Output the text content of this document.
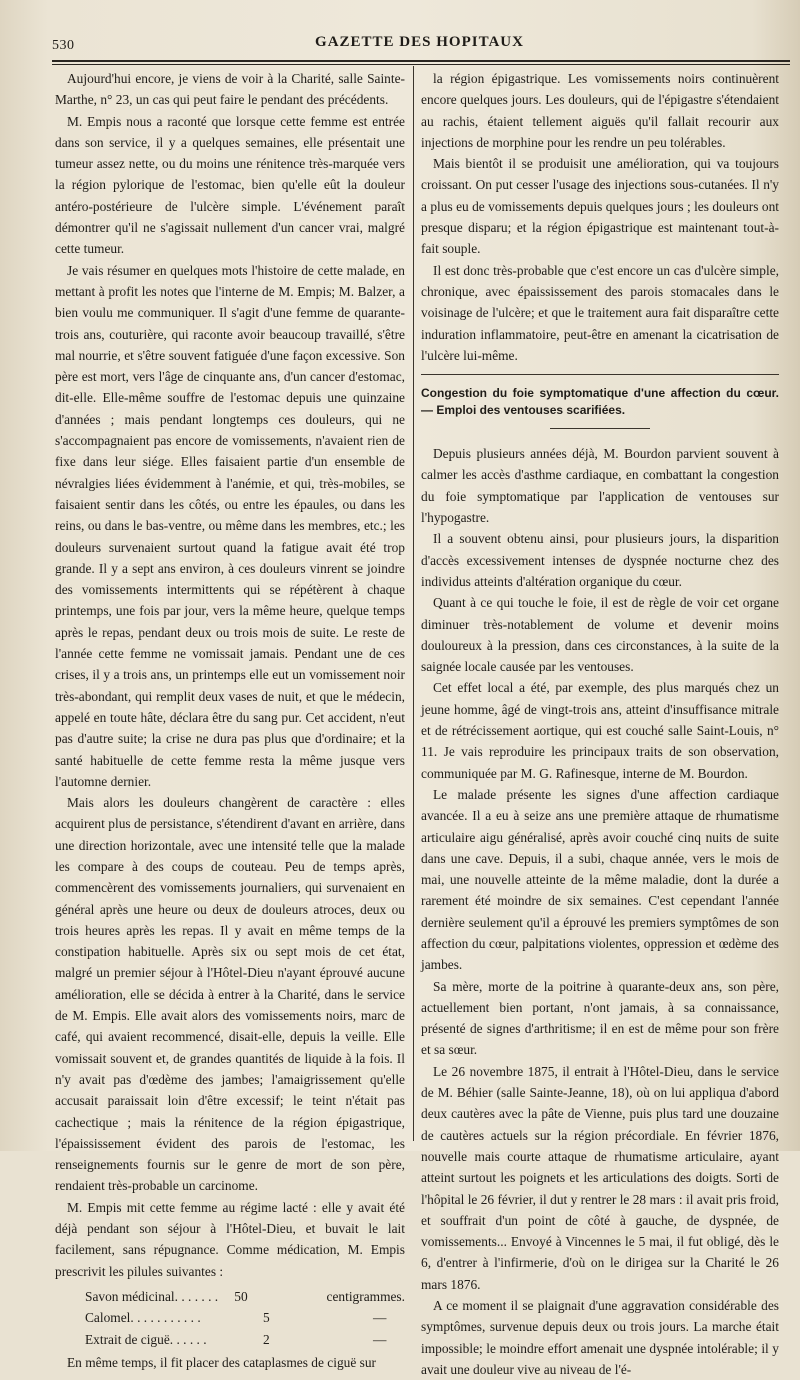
530	GAZETTE DES HOPITAUX

Aujourd'hui encore, je viens de voir à la Charité, salle Sainte-Marthe, n° 23, un cas qui peut faire le pendant des précédents.

M. Empis nous a raconté que lorsque cette femme est entrée dans son service, il y a quelques semaines, elle présentait une tumeur assez nette, ou du moins une rénitence très-marquée vers la région pylorique de l'estomac, bien qu'elle eût la douleur antéro-postérieure de l'ulcère simple. L'événement paraît démontrer qu'il ne s'agissait nullement d'un cancer vrai, malgré cette tumeur.

Je vais résumer en quelques mots l'histoire de cette malade, en mettant à profit les notes que l'interne de M. Empis; M. Balzer, a bien voulu me communiquer. Il s'agit d'une femme de quarante-trois ans, couturière, qui raconte avoir beaucoup travaillé, s'être mal nourrie, et s'être souvent fatiguée d'une façon excessive. Son père est mort, vers l'âge de cinquante ans, d'un cancer d'estomac, dit-elle. Elle-même souffre de l'estomac depuis une quinzaine d'années ; mais pendant longtemps ces douleurs, qui ne s'accompagnaient pas encore de vomissements, n'avaient rien de fixe dans leur siége. Elles faisaient partie d'un ensemble de névralgies liées évidemment à l'anémie, et qui, très-mobiles, se faisaient sentir dans les côtés, ou entre les épaules, ou dans les reins, ou dans le bas-ventre, ou même dans les membres, etc.; les douleurs survenaient surtout quand la fatigue avait été trop grande. Il y a sept ans environ, à ces douleurs vinrent se joindre des vomissements intermittents qui se répétèrent à chaque printemps, une fois par jour, vers la même heure, quelque temps après le repas, pendant deux ou trois mois de suite. Le reste de l'année cette femme ne vomissait jamais. Pendant une de ces crises, il y a trois ans, un printemps elle eut un vomissement noir très-abondant, qui remplit deux vases de nuit, et que le médecin, appelé en toute hâte, déclara être du sang pur. Cet accident, n'eut pas d'autre suite; la crise ne dura pas plus que d'ordinaire; et la santé habituelle de cette femme resta la même jusque vers l'automne dernier.

Mais alors les douleurs changèrent de caractère : elles acquirent plus de persistance, s'étendirent d'avant en arrière, dans une direction horizontale, avec une intensité telle que la malade les compare à des coups de couteau. Peu de temps après, commencèrent des vomissements journaliers, qui survenaient en général après une heure ou deux de douleurs atroces, deux ou trois heures après les repas. Il y avait en même temps de la constipation habituelle. Après six ou sept mois de cet état, malgré un premier séjour à l'Hôtel-Dieu n'ayant éprouvé aucune amélioration, elle se décida à entrer à la Charité, dans le service de M. Empis. Elle avait alors des vomissements noirs, marc de café, qui avaient recommencé, disait-elle, depuis la veille. Elle vomissait souvent et, de grandes quantités de liquide à la fois. Il n'y avait pas d'œdème des jambes; l'amaigrissement qu'elle accusait paraissait loin d'être excessif; le teint n'était pas cachectique ; mais la rénitence de la région épigastrique, l'épaississement évident des parois de l'estomac, les renseignements fournis sur le genre de mort de son père, rendaient très-probable un carcinome.

M. Empis mit cette femme au régime lacté : elle y avait été déjà pendant son séjour à l'Hôtel-Dieu, et buvait le lait facilement, sans répugnance. Comme médication, M. Empis prescrivit les pilules suivantes :

Savon médicinal. . . . . . .	50	centigrammes.
Calomel. . . . . . . . . . .	5	—
Extrait de ciguë. . . . . .	2	—

En même temps, il fit placer des cataplasmes de ciguë sur

la région épigastrique. Les vomissements noirs continuèrent encore quelques jours. Les douleurs, qui de l'épigastre s'étendaient au rachis, étaient tellement aiguës qu'il fallait recourir aux injections de morphine pour les rendre un peu tolérables.

Mais bientôt il se produisit une amélioration, qui va toujours croissant. On put cesser l'usage des injections sous-cutanées. Il n'y a plus eu de vomissements depuis quelques jours ; les douleurs ont presque disparu; et la région épigastrique est maintenant tout-à-fait souple.

Il est donc très-probable que c'est encore un cas d'ulcère simple, chronique, avec épaississement des parois stomacales dans le voisinage de l'ulcère; et que le traitement aura fait disparaître cette induration inflammatoire, peut-être en amenant la cicatrisation de l'ulcère lui-même.

Congestion du foie symptomatique d'une affection du cœur. — Emploi des ventouses scarifiées.

Depuis plusieurs années déjà, M. Bourdon parvient souvent à calmer les accès d'asthme cardiaque, en combattant la congestion du foie symptomatique par l'application de ventouses sur l'hypogastre.

Il a souvent obtenu ainsi, pour plusieurs jours, la disparition d'accès excessivement intenses de dyspnée nocturne chez des individus atteints d'altération organique du cœur.

Quant à ce qui touche le foie, il est de règle de voir cet organe diminuer très-notablement de volume et devenir moins douloureux à la pression, dans ces circonstances, à la suite de la saignée locale causée par les ventouses.

Cet effet local a été, par exemple, des plus marqués chez un jeune homme, âgé de vingt-trois ans, atteint d'insuffisance mitrale et de rétrécissement aortique, qui est couché salle Saint-Louis, n° 11. Je vais reproduire les principaux traits de son observation, communiquée par M. G. Rafinesque, interne de M. Bourdon.

Le malade présente les signes d'une affection cardiaque avancée. Il a eu à seize ans une première attaque de rhumatisme articulaire aigu généralisé, après avoir couché cinq nuits de suite dans une cave. Depuis, il a subi, chaque année, vers le mois de mai, une nouvelle atteinte de la même maladie, dont la durée a rarement été moindre de six semaines. C'est cependant l'année dernière seulement qu'il a éprouvé les premiers symptômes de son affection du cœur, palpitations violentes, oppression et œdème des jambes.

Sa mère, morte de la poitrine à quarante-deux ans, son père, actuellement bien portant, n'ont jamais, à sa connaissance, présenté de signes d'arthritisme; il en est de même pour son frère et sa sœur.

Le 26 novembre 1875, il entrait à l'Hôtel-Dieu, dans le service de M. Béhier (salle Sainte-Jeanne, 18), où on lui appliqua d'abord deux cautères avec la pâte de Vienne, puis plus tard une douzaine de cautères actuels sur la région précordiale. En février 1876, nouvelle mais courte attaque de rhumatisme articulaire, ayant atteint surtout les poignets et les articulations des doigts. Sorti de l'hôpital le 26 février, il dut y rentrer le 28 mars : il avait pris froid, et souffrait d'un point de côté à gauche, de dyspnée, de vomissements... Envoyé à Vincennes le 5 mai, il fut obligé, dès le 6, d'entrer à l'infirmerie, d'où on le dirigea sur la Charité le 26 mars 1876.

A ce moment il se plaignait d'une aggravation considérable des symptômes, survenue depuis deux ou trois jours. La marche était impossible; le moindre effort amenait une dyspnée intolérable; il y avait une douleur vive au niveau de l'é-
